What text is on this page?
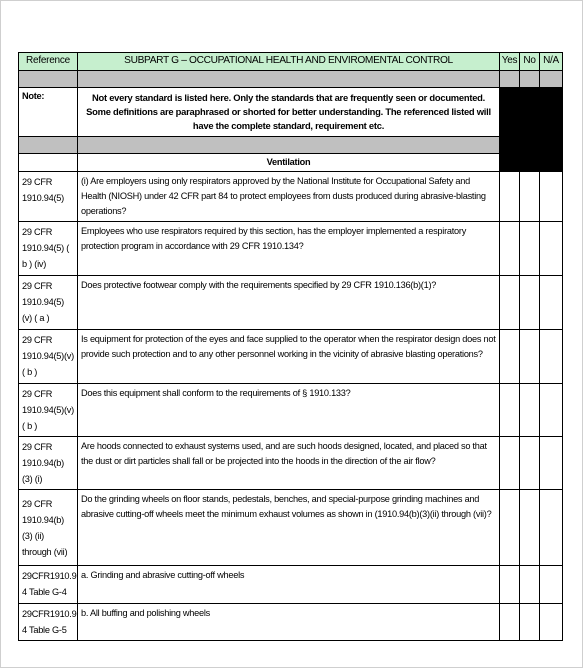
Reference	SUBPART G – OCCUPATIONAL HEALTH AND ENVIROMENTAL CONTROL	Yes	No	N/A

Note:	Not every standard is listed here. Only the standards that are frequently seen or documented. Some definitions are paraphrased or shorted for better understanding. The referenced listed will have the complete standard, requirement etc.			

	Ventilation			
29 CFR 1910.94(5)	(i) Are employers using only respirators approved by the National Institute for Occupational Safety and Health (NIOSH) under 42 CFR part 84 to protect employees from dusts produced during abrasive-blasting operations?			
29 CFR 1910.94(5) ( b ) (iv)	Employees who use respirators required by this section, has the employer implemented a respiratory protection program in accordance with 29 CFR 1910.134?			
29 CFR 1910.94(5) (v) ( a )	Does protective footwear comply with the requirements specified by 29 CFR 1910.136(b)(1)?			
29 CFR 1910.94(5)(v) ( b )	Is equipment for protection of the eyes and face supplied to the operator when the respirator design does not provide such protection and to any other personnel working in the vicinity of abrasive blasting operations?			
29 CFR 1910.94(5)(v) ( b )	Does this equipment shall conform to the requirements of § 1910.133?			
29 CFR 1910.94(b)(3) (i)	Are hoods connected to exhaust systems used, and are such hoods designed, located, and placed so that the dust or dirt particles shall fall or be projected into the hoods in the direction of the air flow?			
29 CFR 1910.94(b)(3) (ii) through (vii)	Do the grinding wheels on floor stands, pedestals, benches, and special-purpose grinding machines and abrasive cutting-off wheels meet the minimum exhaust volumes as shown in (1910.94(b)(3)(ii) through (vii)?			
29CFR1910.9 4 Table G-4	a. Grinding and abrasive cutting-off wheels			
29CFR1910.9 4 Table G-5	b. All buffing and polishing wheels			
